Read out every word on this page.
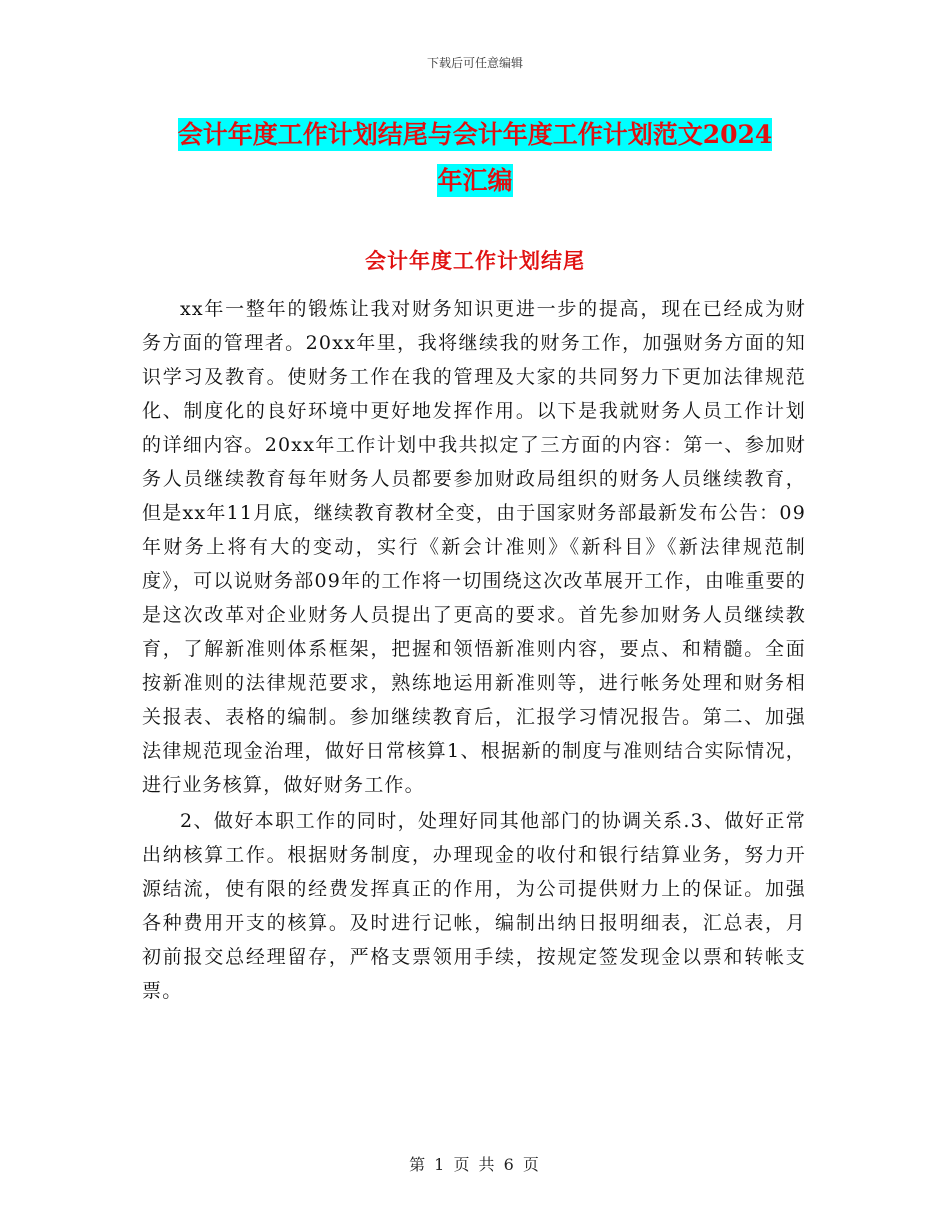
下载后可任意编辑
会计年度工作计划结尾与会计年度工作计划范文2024
年汇编
会计年度工作计划结尾

xx年一整年的锻炼让我对财务知识更进一步的提高，现在已经成为财务方面的管理者。20xx年里，我将继续我的财务工作，加强财务方面的知识学习及教育。使财务工作在我的管理及大家的共同努力下更加法律规范化、制度化的良好环境中更好地发挥作用。以下是我就财务人员工作计划的详细内容。20xx年工作计划中我共拟定了三方面的内容：第一、参加财务人员继续教育每年财务人员都要参加财政局组织的财务人员继续教育，但是xx年11月底，继续教育教材全变，由于国家财务部最新发布公告：09年财务上将有大的变动，实行《新会计准则》《新科目》《新法律规范制度》，可以说财务部09年的工作将一切围绕这次改革展开工作，由唯重要的是这次改革对企业财务人员提出了更高的要求。首先参加财务人员继续教育，了解新准则体系框架，把握和领悟新准则内容，要点、和精髓。全面按新准则的法律规范要求，熟练地运用新准则等，进行帐务处理和财务相关报表、表格的编制。参加继续教育后，汇报学习情况报告。第二、加强法律规范现金治理，做好日常核算1、根据新的制度与准则结合实际情况，进行业务核算，做好财务工作。

2、做好本职工作的同时，处理好同其他部门的协调关系.3、做好正常出纳核算工作。根据财务制度，办理现金的收付和银行结算业务，努力开源结流，使有限的经费发挥真正的作用，为公司提供财力上的保证。加强各种费用开支的核算。及时进行记帐，编制出纳日报明细表，汇总表，月初前报交总经理留存，严格支票领用手续，按规定签发现金以票和转帐支票。

第 1 页 共 6 页
